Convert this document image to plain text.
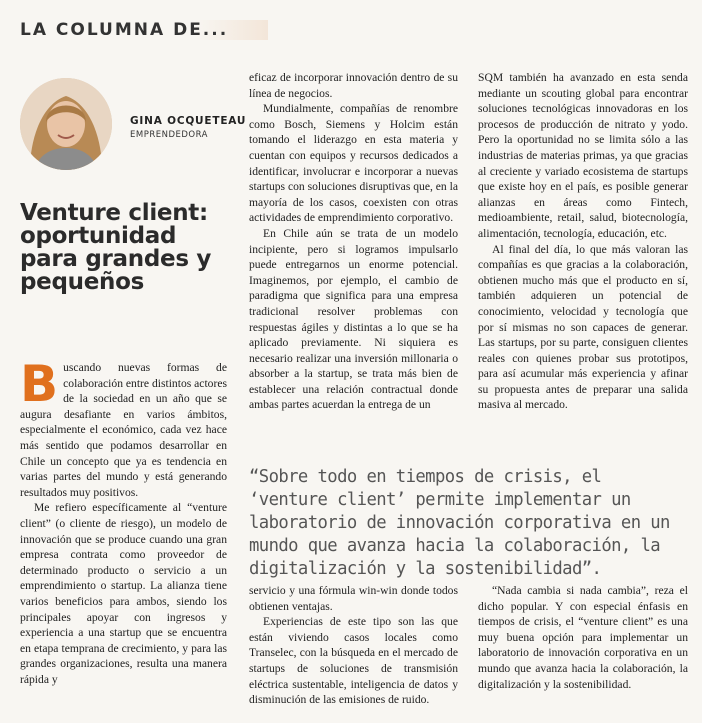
LA COLUMNA DE...
GINA OCQUETEAU
EMPRENDEDORA
Venture client: oportunidad para grandes y pequeños

Buscando nuevas formas de colaboración entre distintos actores de la sociedad en un año que se augura desafiante en varios ámbitos, especialmente el económico, cada vez hace más sentido que podamos desarrollar en Chile un concepto que ya es tendencia en varias partes del mundo y está generando resultados muy positivos.

Me refiero específicamente al “venture client” (o cliente de riesgo), un modelo de innovación que se produce cuando una gran empresa contrata como proveedor de determinado producto o servicio a un emprendimiento o startup. La alianza tiene varios beneficios para ambos, siendo los principales apoyar con ingresos y experiencia a una startup que se encuentra en etapa temprana de crecimiento, y para las grandes organizaciones, resulta una manera rápida y

eficaz de incorporar innovación dentro de su línea de negocios.

Mundialmente, compañías de renombre como Bosch, Siemens y Holcim están tomando el liderazgo en esta materia y cuentan con equipos y recursos dedicados a identificar, involucrar e incorporar a nuevas startups con soluciones disruptivas que, en la mayoría de los casos, coexisten con otras actividades de emprendimiento corporativo.

En Chile aún se trata de un modelo incipiente, pero si logramos impulsarlo puede entregarnos un enorme potencial. Imaginemos, por ejemplo, el cambio de paradigma que significa para una empresa tradicional resolver problemas con respuestas ágiles y distintas a lo que se ha aplicado previamente. Ni siquiera es necesario realizar una inversión millonaria o absorber a la startup, se trata más bien de establecer una relación contractual donde ambas partes acuerdan la entrega de un

SQM también ha avanzado en esta senda mediante un scouting global para encontrar soluciones tecnológicas innovadoras en los procesos de producción de nitrato y yodo. Pero la oportunidad no se limita sólo a las industrias de materias primas, ya que gracias al creciente y variado ecosistema de startups que existe hoy en el país, es posible generar alianzas en áreas como Fintech, medioambiente, retail, salud, biotecnología, alimentación, tecnología, educación, etc.

Al final del día, lo que más valoran las compañías es que gracias a la colaboración, obtienen mucho más que el producto en sí, también adquieren un potencial de conocimiento, velocidad y tecnología que por sí mismas no son capaces de generar. Las startups, por su parte, consiguen clientes reales con quienes probar sus prototipos, para así acumular más experiencia y afinar su propuesta antes de preparar una salida masiva al mercado.

“Sobre todo en tiempos de crisis, el ‘venture client’ permite implementar un laboratorio de innovación corporativa en un mundo que avanza hacia la colaboración, la digitalización y la sostenibilidad”.

servicio y una fórmula win-win donde todos obtienen ventajas.

Experiencias de este tipo son las que están viviendo casos locales como Transelec, con la búsqueda en el mercado de startups de soluciones de transmisión eléctrica sustentable, inteligencia de datos y disminución de las emisiones de ruido.

“Nada cambia si nada cambia”, reza el dicho popular. Y con especial énfasis en tiempos de crisis, el “venture client” es una muy buena opción para implementar un laboratorio de innovación corporativa en un mundo que avanza hacia la colaboración, la digitalización y la sostenibilidad.
